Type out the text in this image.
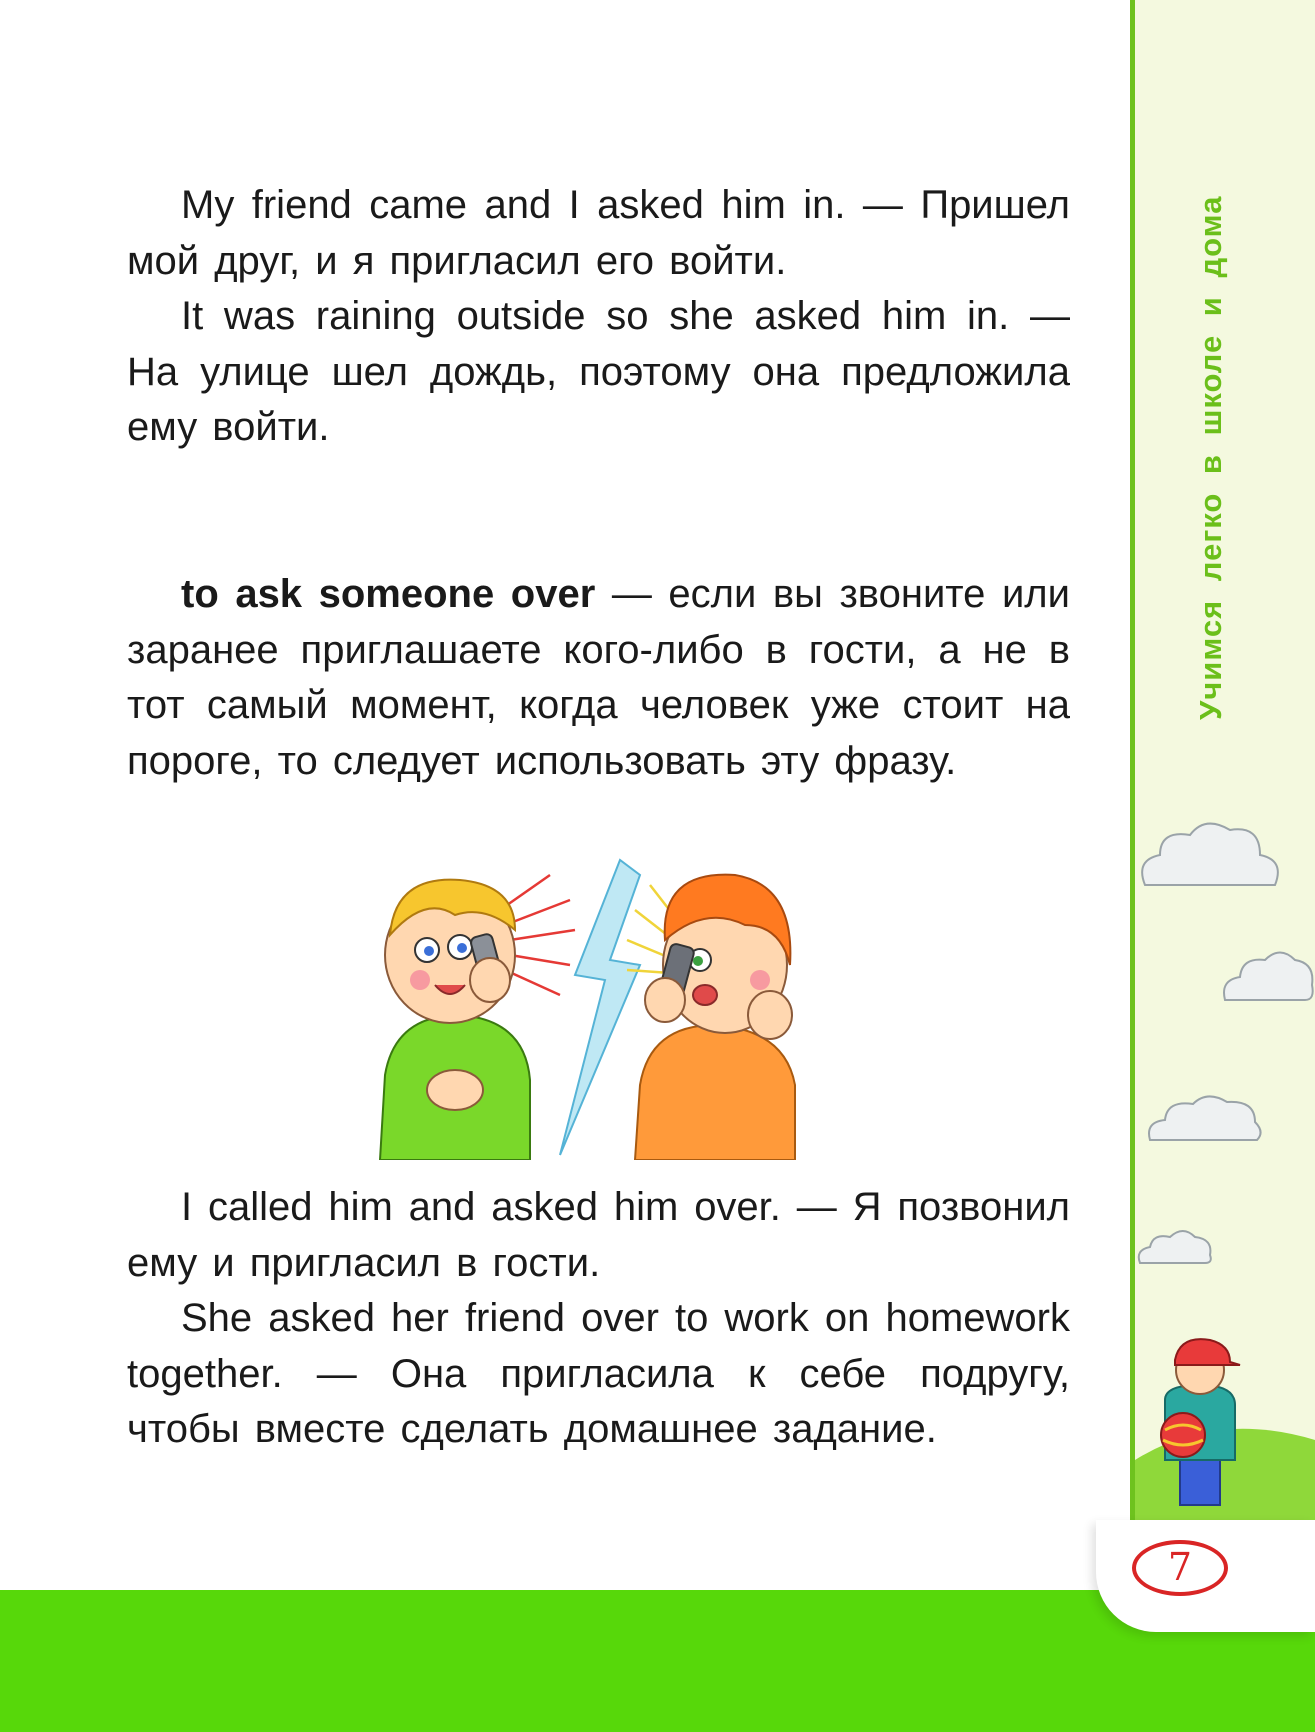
My friend came and I asked him in. — Пришел мой друг, и я пригласил его войти.

It was raining outside so she asked him in. — На улице шел дождь, поэтому она предложила ему войти.

to ask someone over — если вы звоните или заранее приглашаете кого-либо в гости, а не в тот самый момент, когда человек уже стоит на пороге, то следует использовать эту фразу.

I called him and asked him over. — Я позвонил ему и пригласил в гости.

She asked her friend over to work on homework together. — Она пригласила к себе подругу, чтобы вместе сделать домашнее задание.

Учимся легко в школе и дома
7
